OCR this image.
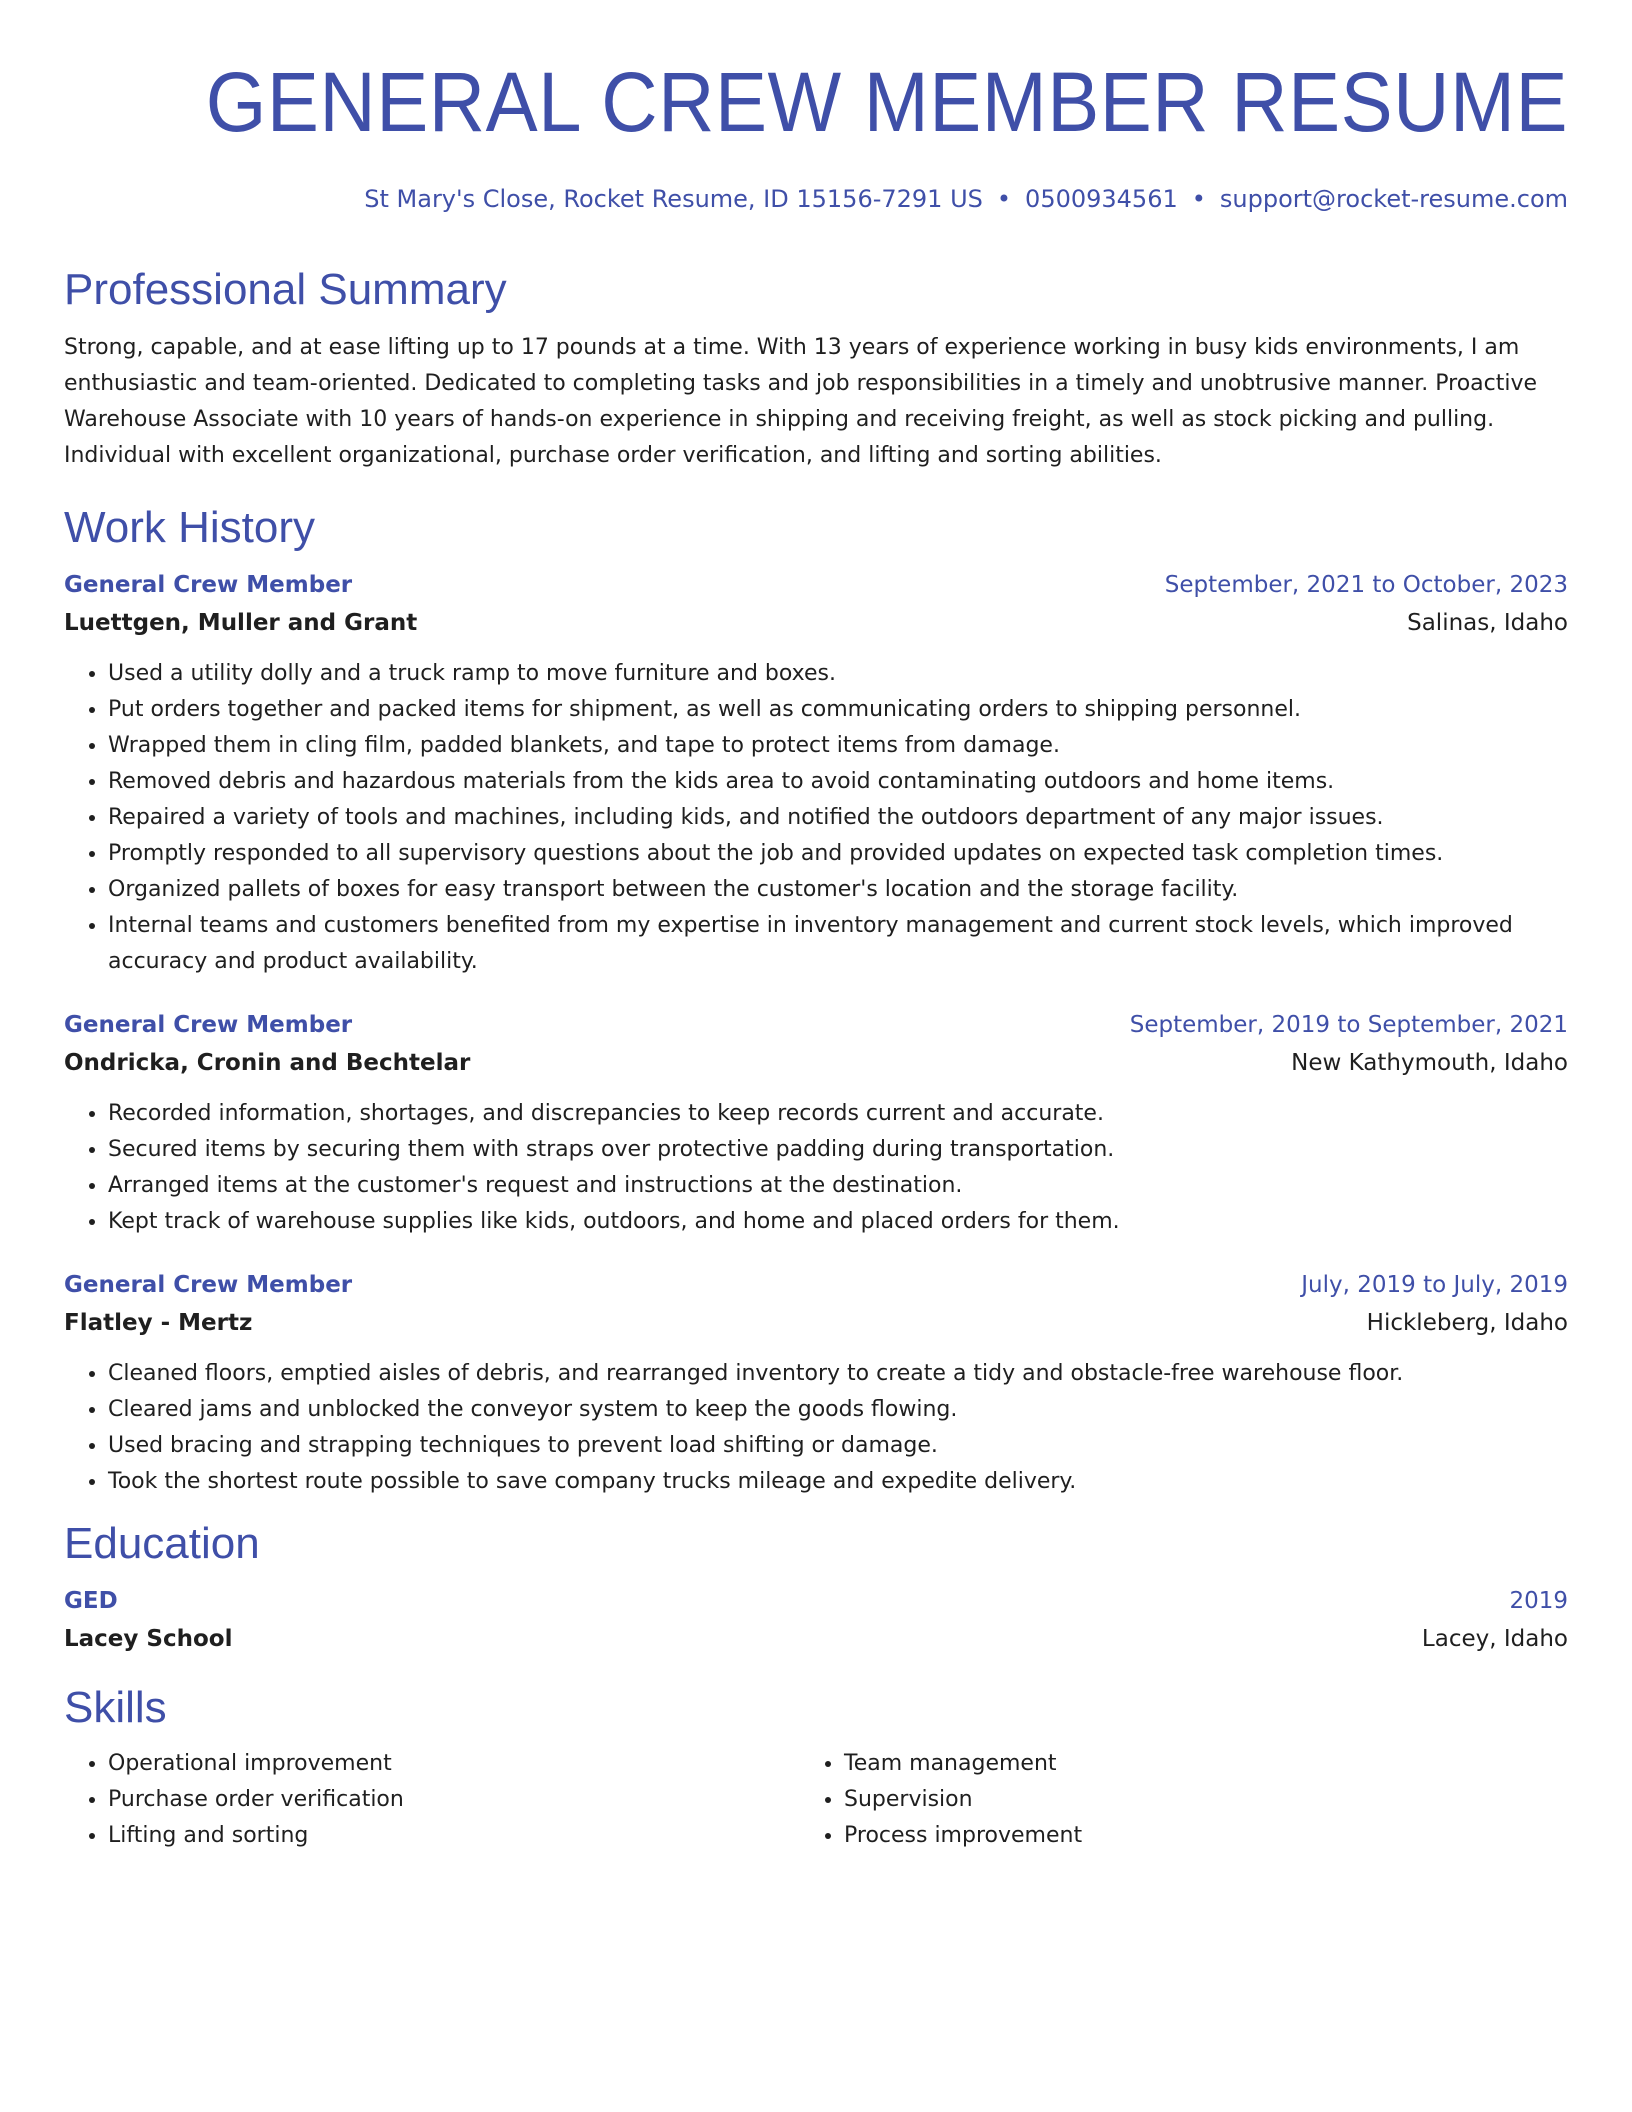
GENERAL CREW MEMBER RESUME
St Mary's Close, Rocket Resume, ID 15156-7291 US • 0500934561 • support@rocket-resume.com
Professional Summary
Strong, capable, and at ease lifting up to 17 pounds at a time. With 13 years of experience working in busy kids environments, I am enthusiastic and team-oriented. Dedicated to completing tasks and job responsibilities in a timely and unobtrusive manner. Proactive Warehouse Associate with 10 years of hands-on experience in shipping and receiving freight, as well as stock picking and pulling. Individual with excellent organizational, purchase order verification, and lifting and sorting abilities.
Work History
General Crew Member	September, 2021 to October, 2023
Luettgen, Muller and Grant	Salinas, Idaho
• Used a utility dolly and a truck ramp to move furniture and boxes.
• Put orders together and packed items for shipment, as well as communicating orders to shipping personnel.
• Wrapped them in cling film, padded blankets, and tape to protect items from damage.
• Removed debris and hazardous materials from the kids area to avoid contaminating outdoors and home items.
• Repaired a variety of tools and machines, including kids, and notified the outdoors department of any major issues.
• Promptly responded to all supervisory questions about the job and provided updates on expected task completion times.
• Organized pallets of boxes for easy transport between the customer's location and the storage facility.
• Internal teams and customers benefited from my expertise in inventory management and current stock levels, which improved accuracy and product availability.
General Crew Member	September, 2019 to September, 2021
Ondricka, Cronin and Bechtelar	New Kathymouth, Idaho
• Recorded information, shortages, and discrepancies to keep records current and accurate.
• Secured items by securing them with straps over protective padding during transportation.
• Arranged items at the customer's request and instructions at the destination.
• Kept track of warehouse supplies like kids, outdoors, and home and placed orders for them.
General Crew Member	July, 2019 to July, 2019
Flatley - Mertz	Hickleberg, Idaho
• Cleaned floors, emptied aisles of debris, and rearranged inventory to create a tidy and obstacle-free warehouse floor.
• Cleared jams and unblocked the conveyor system to keep the goods flowing.
• Used bracing and strapping techniques to prevent load shifting or damage.
• Took the shortest route possible to save company trucks mileage and expedite delivery.
Education
GED	2019
Lacey School	Lacey, Idaho
Skills
• Operational improvement
• Purchase order verification
• Lifting and sorting
• Team management
• Supervision
• Process improvement
